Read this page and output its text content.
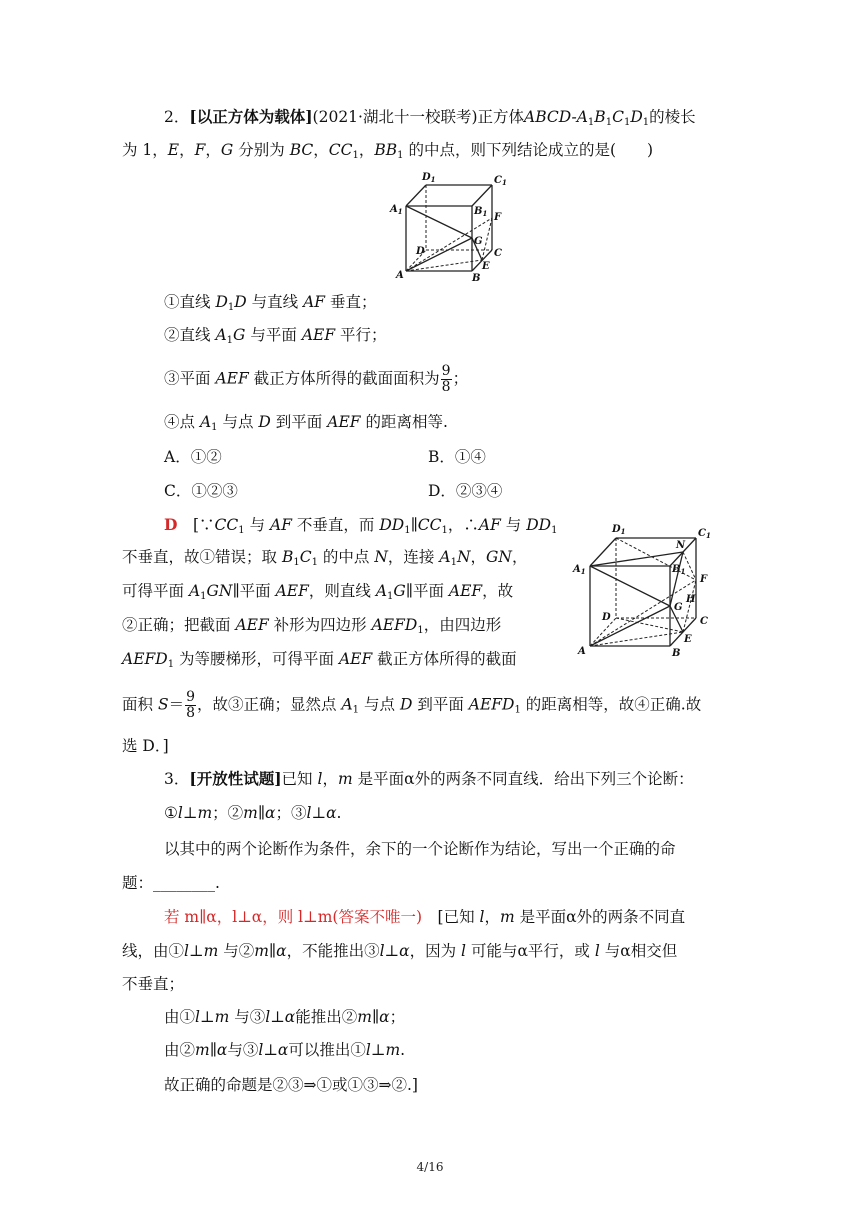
2．[以正方体为载体](2021·湖北十一校联考)正方体ABCD-$A_1B_1C_1D_1$的棱长
为 1，E，F，G 分别为 BC，$CC_1$，$BB_1$ 的中点，则下列结论成立的是(　　)
$D_1$	$C_1$
$A_1$	$B_1$ F
G
D	C
A
E
B
①直线 $D_1D$ 与直线 AF 垂直；
②直线 $A_1G$ 与平面 AEF 平行；
③平面 AEF 截正方体所得的截面面积为 $\frac{9}{8}$ ；
④点 $A_1$ 与点 D 到平面 AEF 的距离相等.
A．①②	B．①④
C．①②③	D．②③④
D　 [$\because CC_1$ 与 AF 不垂直，而 $DD_1\parallel CC_1$，∴AF 与 $DD_1$
不垂直，故①错误；取 $B_1C_1$ 的中点 N，连接 $A_1N$，GN，
可得平面 $A_1GN\parallel$平面 AEF，则直线 $A_1G\parallel$平面 AEF，故
②正确；把截面 AEF 补形为四边形 $AEFD_1$，由四边形
$AEFD_1$ 为等腰梯形，可得平面 AEF 截正方体所得的截面
面积 $S= \frac{9}{8}$ ，故③正确；显然点 $A_1$ 与点 D 到平面 $AEFD_1$ 的距离相等，故④正确.故
选 D．]
$D_1$	$C_1$
N
$A_1$	$B_1$
F
G
H
D	C
E
A	B
3．[开放性试题]已知 l，m 是平面α外的两条不同直线．给出下列三个论断：
①l⊥m；②m∥α；③l⊥α.
以其中的两个论断作为条件，余下的一个论断作为结论，写出一个正确的命
题：________.
若 m∥α，l⊥α，则 l⊥m(答案不唯一)　 [已知 l，m 是平面α外的两条不同直
线，由①l⊥m 与②m∥α，不能推出③l⊥α，因为 l 可能与α平行，或 l 与α相交但
不垂直；
由①l⊥m 与③l⊥α能推出②m∥α；
由②m∥α与③l⊥α可以推出①l⊥m.
故正确的命题是②③⇒①或①③⇒②.]
4/16
